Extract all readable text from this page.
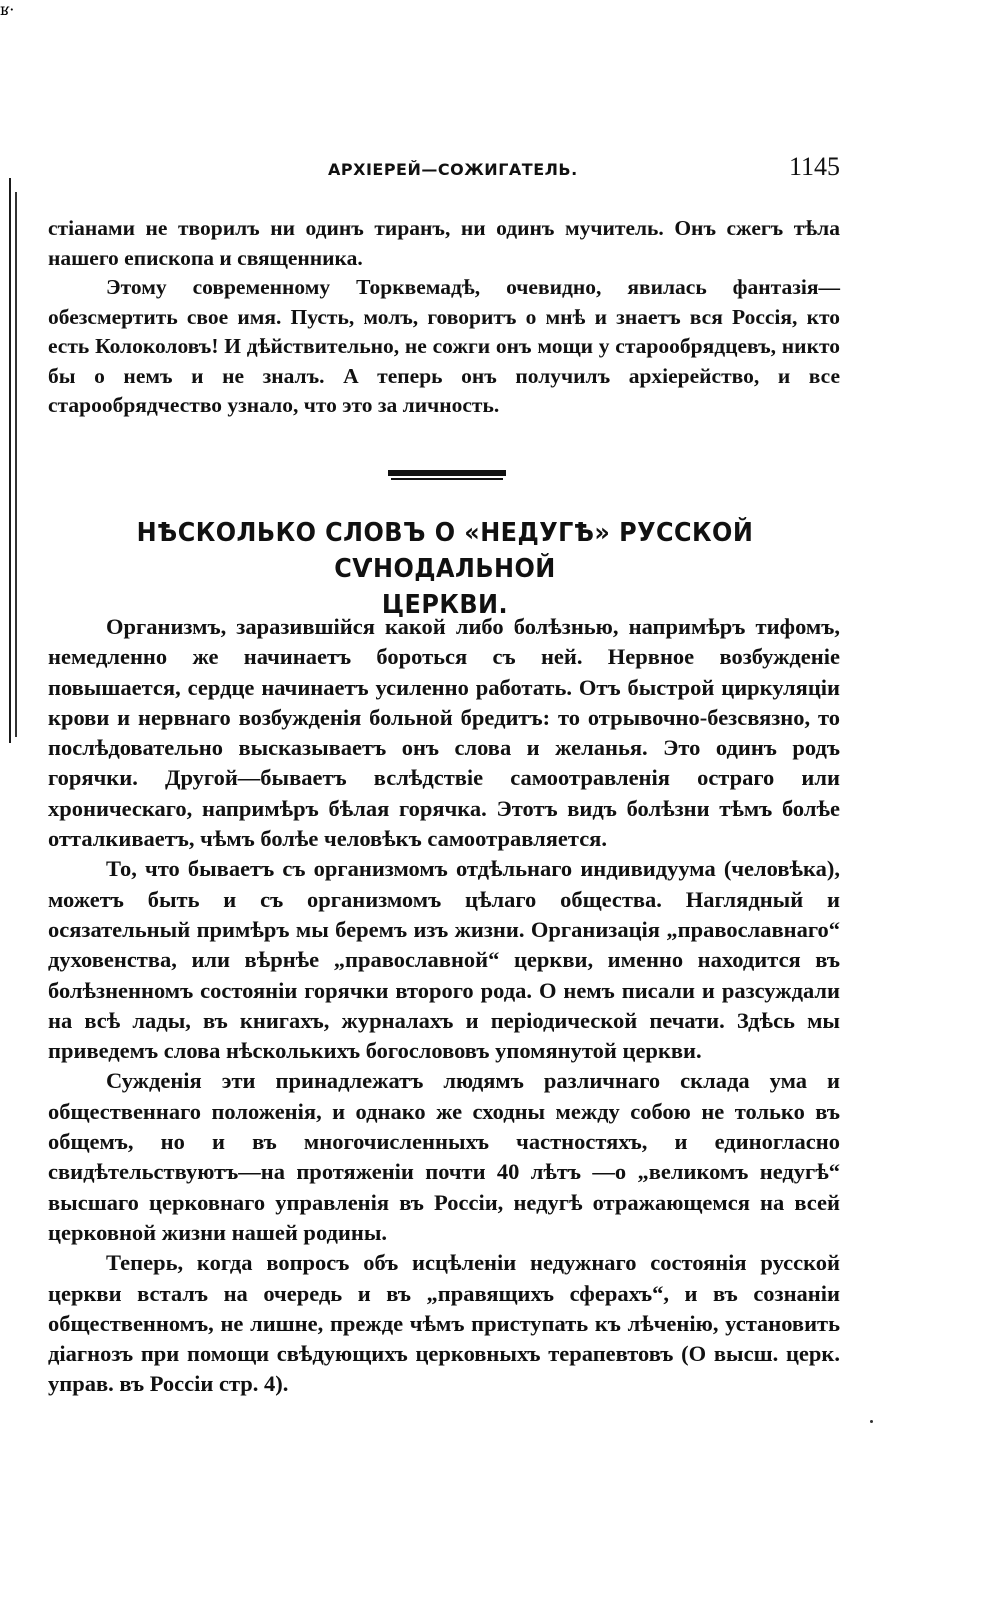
ʁ·
АРХІЕРЕЙ—СОЖИГАТЕЛЬ.	1145

стіанами не творилъ ни одинъ тиранъ, ни одинъ мучитель. Онъ сжегъ тѣла нашего епископа и священника.

Этому современному Торквемадѣ, очевидно, явилась фантазія—обезсмертить свое имя. Пусть, молъ, говоритъ о мнѣ и знаетъ вся Россія, кто есть Колоколовъ! И дѣйствительно, не сожги онъ мощи у старообрядцевъ, никто бы о немъ и не зналъ. А теперь онъ получилъ архіерейство, и все старообрядчество узнало, что это за личность.

НѢСКОЛЬКО СЛОВЪ О «НЕДУГѢ» РУССКОЙ СѴНОДАЛЬНОЙ
ЦЕРКВИ.

Организмъ, заразившійся какой либо болѣзнью, напримѣръ тифомъ, немедленно же начинаетъ бороться съ ней. Нервное возбужденіе повышается, сердце начинаетъ усиленно работать. Отъ быстрой циркуляціи крови и нервнаго возбужденія больной бредитъ: то отрывочно-безсвязно, то послѣдовательно высказываетъ онъ слова и желанья. Это одинъ родъ горячки. Другой—бываетъ вслѣдствіе самоотравленія остраго или хроническаго, напримѣръ бѣлая горячка. Этотъ видъ болѣзни тѣмъ болѣе отталкиваетъ, чѣмъ болѣе человѣкъ самоотравляется.

То, что бываетъ съ организмомъ отдѣльнаго индивидуума (человѣка), можетъ быть и съ организмомъ цѣлаго общества. Наглядный и осязательный примѣръ мы беремъ изъ жизни. Организація „православнаго“ духовенства, или вѣрнѣе „православной“ церкви, именно находится въ болѣзненномъ состояніи горячки второго рода. О немъ писали и разсуждали на всѣ лады, въ книгахъ, журналахъ и періодической печати. Здѣсь мы приведемъ слова нѣсколькихъ богослововъ упомянутой церкви.

Сужденія эти принадлежатъ людямъ различнаго склада ума и общественнаго положенія, и однако же сходны между собою не только въ общемъ, но и въ многочисленныхъ частностяхъ, и единогласно свидѣтельствуютъ—на протяженіи почти 40 лѣтъ —о „великомъ недугѣ“ высшаго церковнаго управленія въ Россіи, недугѣ отражающемся на всей церковной жизни нашей родины.

Теперь, когда вопросъ объ исцѣленіи недужнаго состоянія русской церкви всталъ на очередь и въ „правящихъ сферахъ“, и въ сознаніи общественномъ, не лишне, прежде чѣмъ приступать къ лѣченію, установить діагнозъ при помощи свѣдующихъ церковныхъ терапевтовъ (О высш. церк. управ. въ Россіи стр. 4).
